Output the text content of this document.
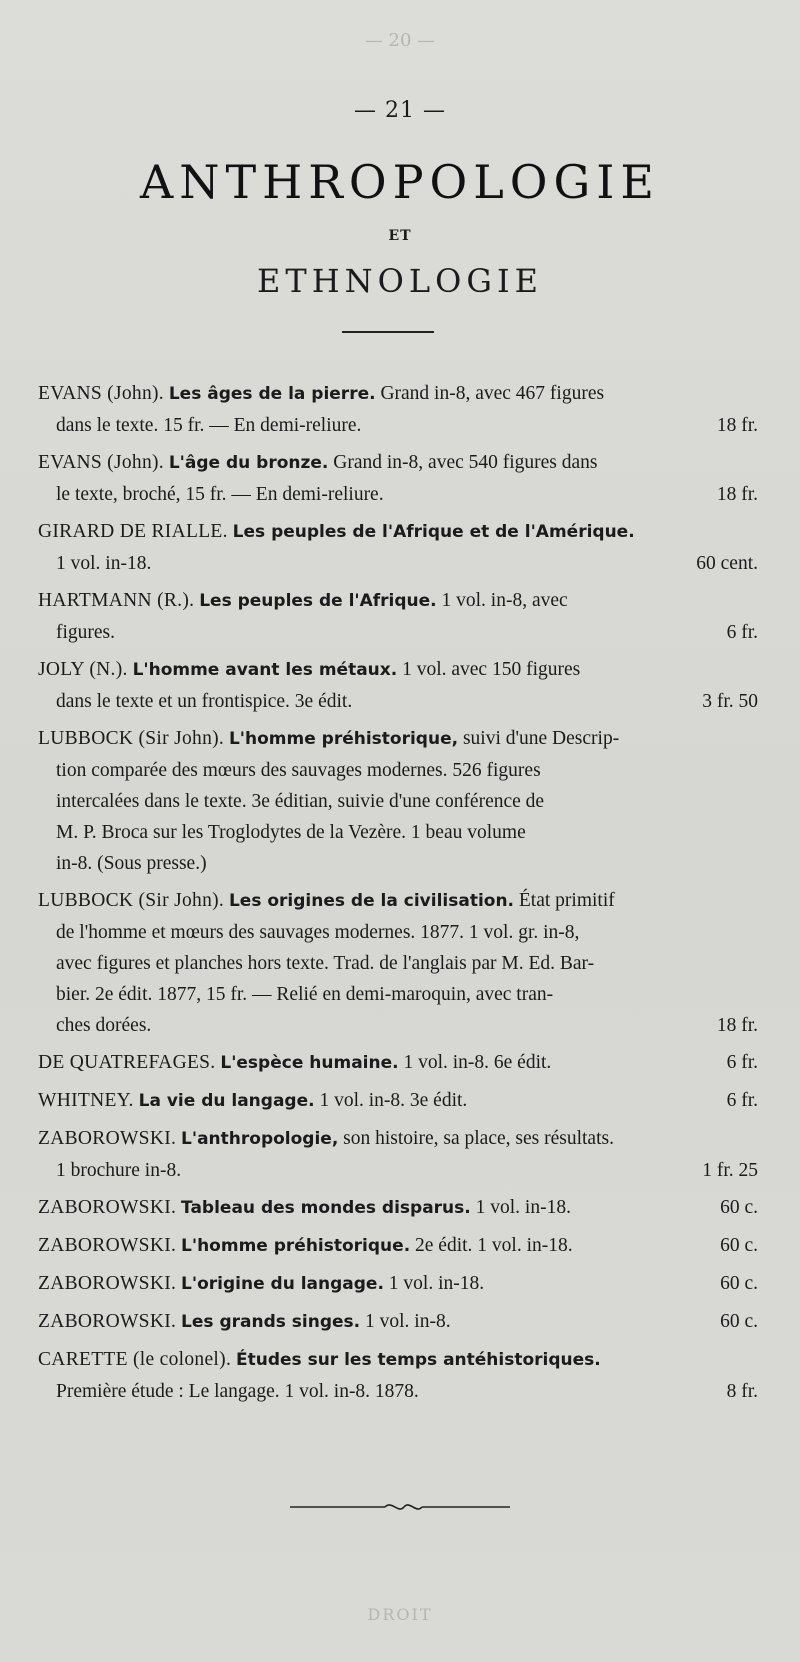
— 20 —
— 21 —
ANTHROPOLOGIE
ET
ETHNOLOGIE
EVANS (John). Les âges de la pierre. Grand in-8, avec 467 figures
dans le texte. 15 fr. — En demi-reliure.	18 fr.
EVANS (John). L'âge du bronze. Grand in-8, avec 540 figures dans
le texte, broché, 15 fr. — En demi-reliure.	18 fr.
GIRARD DE RIALLE. Les peuples de l'Afrique et de l'Amérique.
1 vol. in-18.	60 cent.
HARTMANN (R.). Les peuples de l'Afrique. 1 vol. in-8, avec
figures.	6 fr.
JOLY (N.). L'homme avant les métaux. 1 vol. avec 150 figures
dans le texte et un frontispice. 3e édit.	3 fr. 50
LUBBOCK (Sir John). L'homme préhistorique, suivi d'une Descrip-
tion comparée des mœurs des sauvages modernes. 526 figures
intercalées dans le texte. 3e éditian, suivie d'une conférence de
M. P. Broca sur les Troglodytes de la Vezère. 1 beau volume
in-8. (Sous presse.)
LUBBOCK (Sir John). Les origines de la civilisation. État primitif
de l'homme et mœurs des sauvages modernes. 1877. 1 vol. gr. in-8,
avec figures et planches hors texte. Trad. de l'anglais par M. Ed. Bar-
bier. 2e édit. 1877, 15 fr. — Relié en demi-maroquin, avec tran-
ches dorées.	18 fr.
DE QUATREFAGES. L'espèce humaine. 1 vol. in-8. 6e édit.	6 fr.
WHITNEY. La vie du langage. 1 vol. in-8. 3e édit.	6 fr.
ZABOROWSKI. L'anthropologie, son histoire, sa place, ses résultats.
1 brochure in-8.	1 fr. 25
ZABOROWSKI. Tableau des mondes disparus. 1 vol. in-18.	60 c.
ZABOROWSKI. L'homme préhistorique. 2e édit. 1 vol. in-18.	60 c.
ZABOROWSKI. L'origine du langage. 1 vol. in-18.	60 c.
ZABOROWSKI. Les grands singes. 1 vol. in-8.	60 c.
CARETTE (le colonel). Études sur les temps antéhistoriques.
Première étude : Le langage. 1 vol. in-8. 1878.	8 fr.
DROIT
